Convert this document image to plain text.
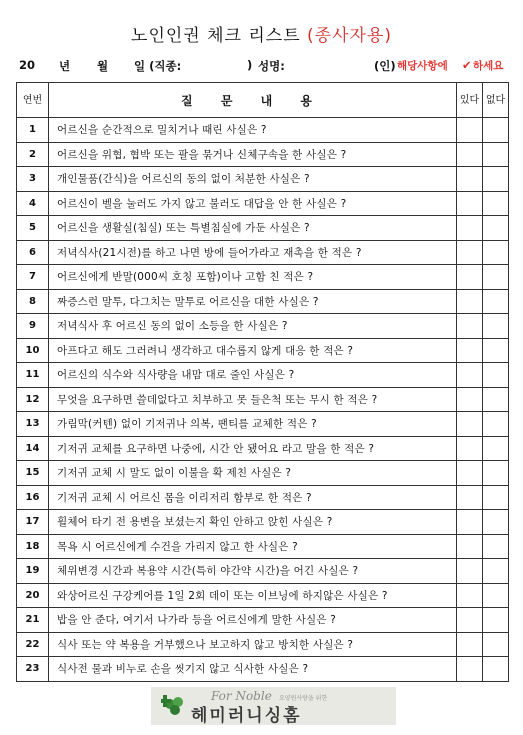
노인인권 체크 리스트 (종사자용)
20 년 월 일 (직종:	) 성명:	(인) 해당사항에 ✔ 하세요
연번	질 문 내 용	있다	없다
1	어르신을 순간적으로 밀치거나 때린 사실은 ?		
2	어르신을 위협, 협박 또는 팔을 묶거나 신체구속을 한 사실은 ?		
3	개인물품(간식)을 어르신의 동의 없이 처분한 사실은 ?		
4	어르신이 벨을 눌러도 가지 않고 불러도 대답을 안 한 사실은 ?		
5	어르신을 생활실(침실) 또는 특별침실에 가둔 사실은 ?		
6	저녁식사(21시전)를 하고 나면 방에 들어가라고 재촉을 한 적은 ?		
7	어르신에게 반말(000씨 호칭 포함)이나 고함 친 적은 ?		
8	짜증스런 말투, 다그치는 말투로 어르신을 대한 사실은 ?		
9	저녁식사 후 어르신 동의 없이 소등을 한 사실은 ?		
10	아프다고 해도 그러려니 생각하고 대수롭지 않게 대응 한 적은 ?		
11	어르신의 식수와 식사량을 내맘 대로 줄인 사실은 ?		
12	무엇을 요구하면 쓸데없다고 치부하고 못 들은척 또는 무시 한 적은 ?		
13	가림막(커텐) 없이 기저귀나 의복, 팬티를 교체한 적은 ?		
14	기저귀 교체를 요구하면 나중에, 시간 안 됐어요 라고 말을 한 적은 ?		
15	기저귀 교체 시 말도 없이 이불을 확 제친 사실은 ?		
16	기저귀 교체 시 어르신 몸을 이리저리 함부로 한 적은 ?		
17	휠체어 타기 전 용변을 보셨는지 확인 안하고 앉힌 사실은 ?		
18	목욕 시 어르신에게 수건을 가리지 않고 한 사실은 ?		
19	체위변경 시간과 복용약 시간(특히 야간약 시간)을 어긴 사실은 ?		
20	와상어르신 구강케어를 1일 2회 데이 또는 이브닝에 하지않은 사실은 ?		
21	밥을 안 준다, 여기서 나가라 등을 어르신에게 말한 사실은 ?		
22	식사 또는 약 복용을 거부했으나 보고하지 않고 방치한 사실은 ?		
23	식사전 물과 비누로 손을 씻기지 않고 식사한 사실은 ?		
For Noble 요양원사랑을 위한
헤미러니싱홈
